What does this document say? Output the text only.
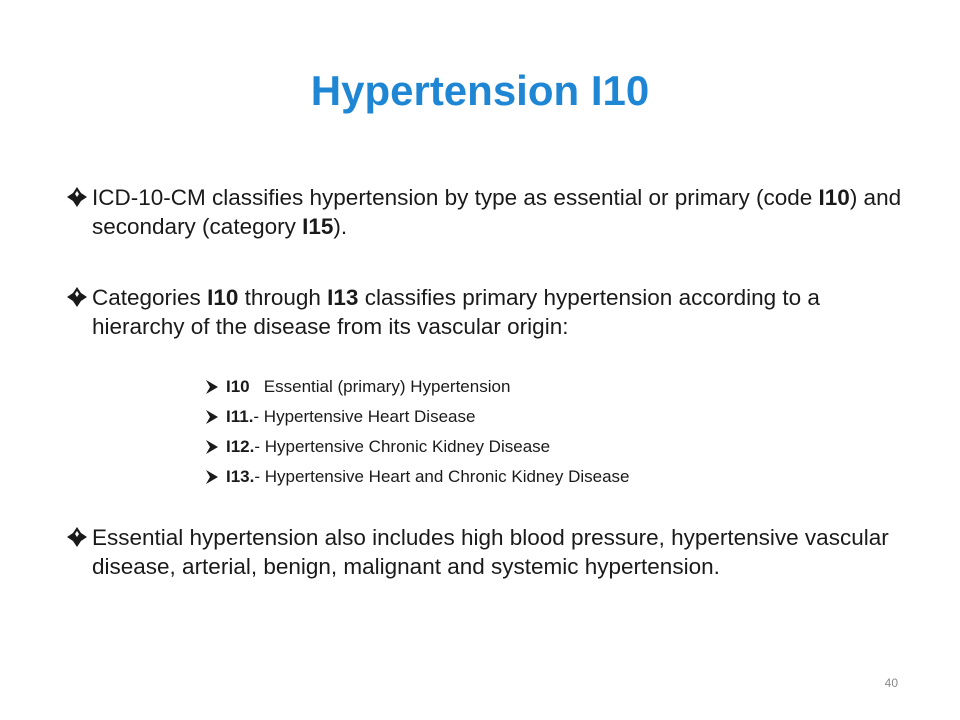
Hypertension I10
ICD-10-CM classifies hypertension by type as essential or primary (code I10) and secondary (category I15).
Categories I10 through I13 classifies primary hypertension according to a hierarchy of the disease from its vascular origin:
I10   Essential (primary) Hypertension
I11.- Hypertensive Heart Disease
I12.- Hypertensive Chronic Kidney Disease
I13.- Hypertensive Heart and Chronic Kidney Disease
Essential hypertension also includes high blood pressure, hypertensive vascular disease, arterial, benign, malignant and systemic hypertension.
40
